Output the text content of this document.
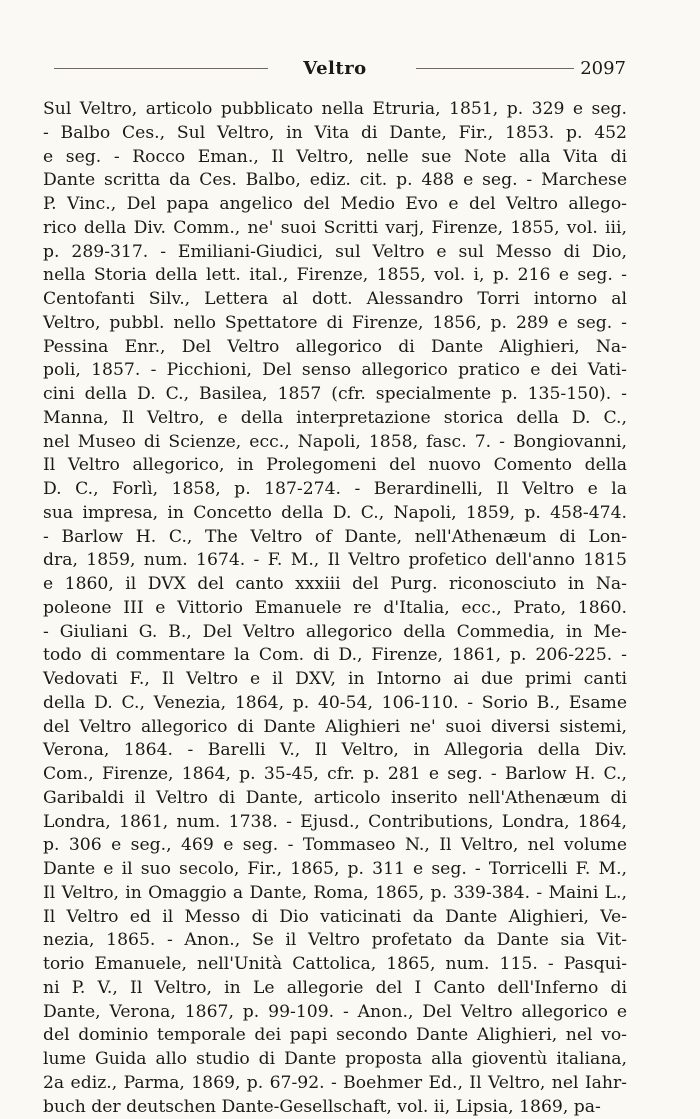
Veltro	2097
Sul Veltro, articolo pubblicato nella Etruria, 1851, p. 329 e seg.
- Balbo Ces., Sul Veltro, in Vita di Dante, Fir., 1853. p. 452
e seg. - Rocco Eman., Il Veltro, nelle sue Note alla Vita di
Dante scritta da Ces. Balbo, ediz. cit. p. 488 e seg. - Marchese
P. Vinc., Del papa angelico del Medio Evo e del Veltro allego-
rico della Div. Comm., ne' suoi Scritti varj, Firenze, 1855, vol. iii,
p. 289-317. - Emiliani-Giudici, sul Veltro e sul Messo di Dio,
nella Storia della lett. ital., Firenze, 1855, vol. i, p. 216 e seg. -
Centofanti Silv., Lettera al dott. Alessandro Torri intorno al
Veltro, pubbl. nello Spettatore di Firenze, 1856, p. 289 e seg. -
Pessina Enr., Del Veltro allegorico di Dante Alighieri, Na-
poli, 1857. - Picchioni, Del senso allegorico pratico e dei Vati-
cini della D. C., Basilea, 1857 (cfr. specialmente p. 135-150). -
Manna, Il Veltro, e della interpretazione storica della D. C.,
nel Museo di Scienze, ecc., Napoli, 1858, fasc. 7. - Bongiovanni,
Il Veltro allegorico, in Prolegomeni del nuovo Comento della
D. C., Forlì, 1858, p. 187-274. - Berardinelli, Il Veltro e la
sua impresa, in Concetto della D. C., Napoli, 1859, p. 458-474.
- Barlow H. C., The Veltro of Dante, nell'Athenæum di Lon-
dra, 1859, num. 1674. - F. M., Il Veltro profetico dell'anno 1815
e 1860, il DVX del canto xxxiii del Purg. riconosciuto in Na-
poleone III e Vittorio Emanuele re d'Italia, ecc., Prato, 1860.
- Giuliani G. B., Del Veltro allegorico della Commedia, in Me-
todo di commentare la Com. di D., Firenze, 1861, p. 206-225. -
Vedovati F., Il Veltro e il DXV, in Intorno ai due primi canti
della D. C., Venezia, 1864, p. 40-54, 106-110. - Sorio B., Esame
del Veltro allegorico di Dante Alighieri ne' suoi diversi sistemi,
Verona, 1864. - Barelli V., Il Veltro, in Allegoria della Div.
Com., Firenze, 1864, p. 35-45, cfr. p. 281 e seg. - Barlow H. C.,
Garibaldi il Veltro di Dante, articolo inserito nell'Athenæum di
Londra, 1861, num. 1738. - Ejusd., Contributions, Londra, 1864,
p. 306 e seg., 469 e seg. - Tommaseo N., Il Veltro, nel volume
Dante e il suo secolo, Fir., 1865, p. 311 e seg. - Torricelli F. M.,
Il Veltro, in Omaggio a Dante, Roma, 1865, p. 339-384. - Maini L.,
Il Veltro ed il Messo di Dio vaticinati da Dante Alighieri, Ve-
nezia, 1865. - Anon., Se il Veltro profetato da Dante sia Vit-
torio Emanuele, nell'Unità Cattolica, 1865, num. 115. - Pasqui-
ni P. V., Il Veltro, in Le allegorie del I Canto dell'Inferno di
Dante, Verona, 1867, p. 99-109. - Anon., Del Veltro allegorico e
del dominio temporale dei papi secondo Dante Alighieri, nel vo-
lume Guida allo studio di Dante proposta alla gioventù italiana,
2a ediz., Parma, 1869, p. 67-92. - Boehmer Ed., Il Veltro, nel Iahr-
buch der deutschen Dante-Gesellschaft, vol. ii, Lipsia, 1869, pa-
